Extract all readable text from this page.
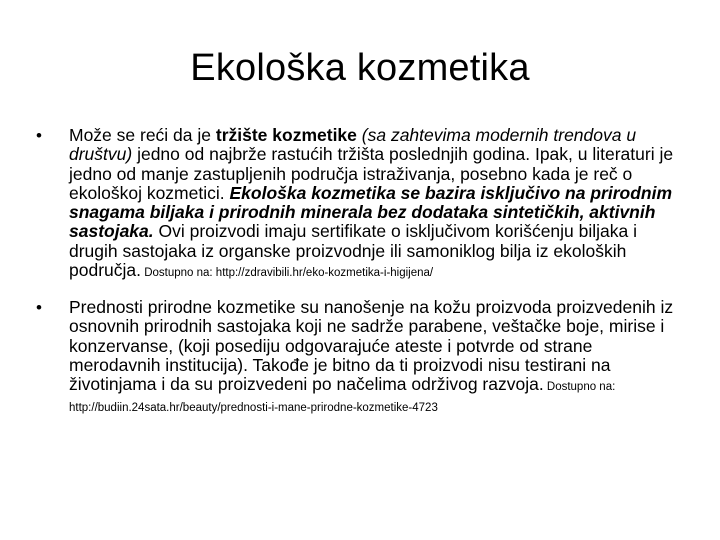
Ekološka kozmetika
• Može se reći da je tržište kozmetike (sa zahtevima modernih trendova u društvu) jedno od najbrže rastućih tržišta poslednjih godina. Ipak, u literaturi je jedno od manje zastupljenih područja istraživanja, posebno kada je reč o ekološkoj kozmetici. Ekološka kozmetika se bazira isključivo na prirodnim snagama biljaka i prirodnih minerala bez dodataka sintetičkih, aktivnih sastojaka. Ovi proizvodi imaju sertifikate o isključivom korišćenju biljaka i drugih sastojaka iz organske proizvodnje ili samoniklog bilja iz ekoloških područja. Dostupno na: http://zdravibili.hr/eko-kozmetika-i-higijena/
• Prednosti prirodne kozmetike su nanošenje na kožu proizvoda proizvedenih iz osnovnih prirodnih sastojaka koji ne sadrže parabene, veštačke boje, mirise i konzervanse, (koji posediju odgovarajuće ateste i potvrde od strane merodavnih institucija). Takođe je bitno da ti proizvodi nisu testirani na životinjama i da su proizvedeni po načelima održivog razvoja. Dostupno na: http://budiin.24sata.hr/beauty/prednosti-i-mane-prirodne-kozmetike-4723
